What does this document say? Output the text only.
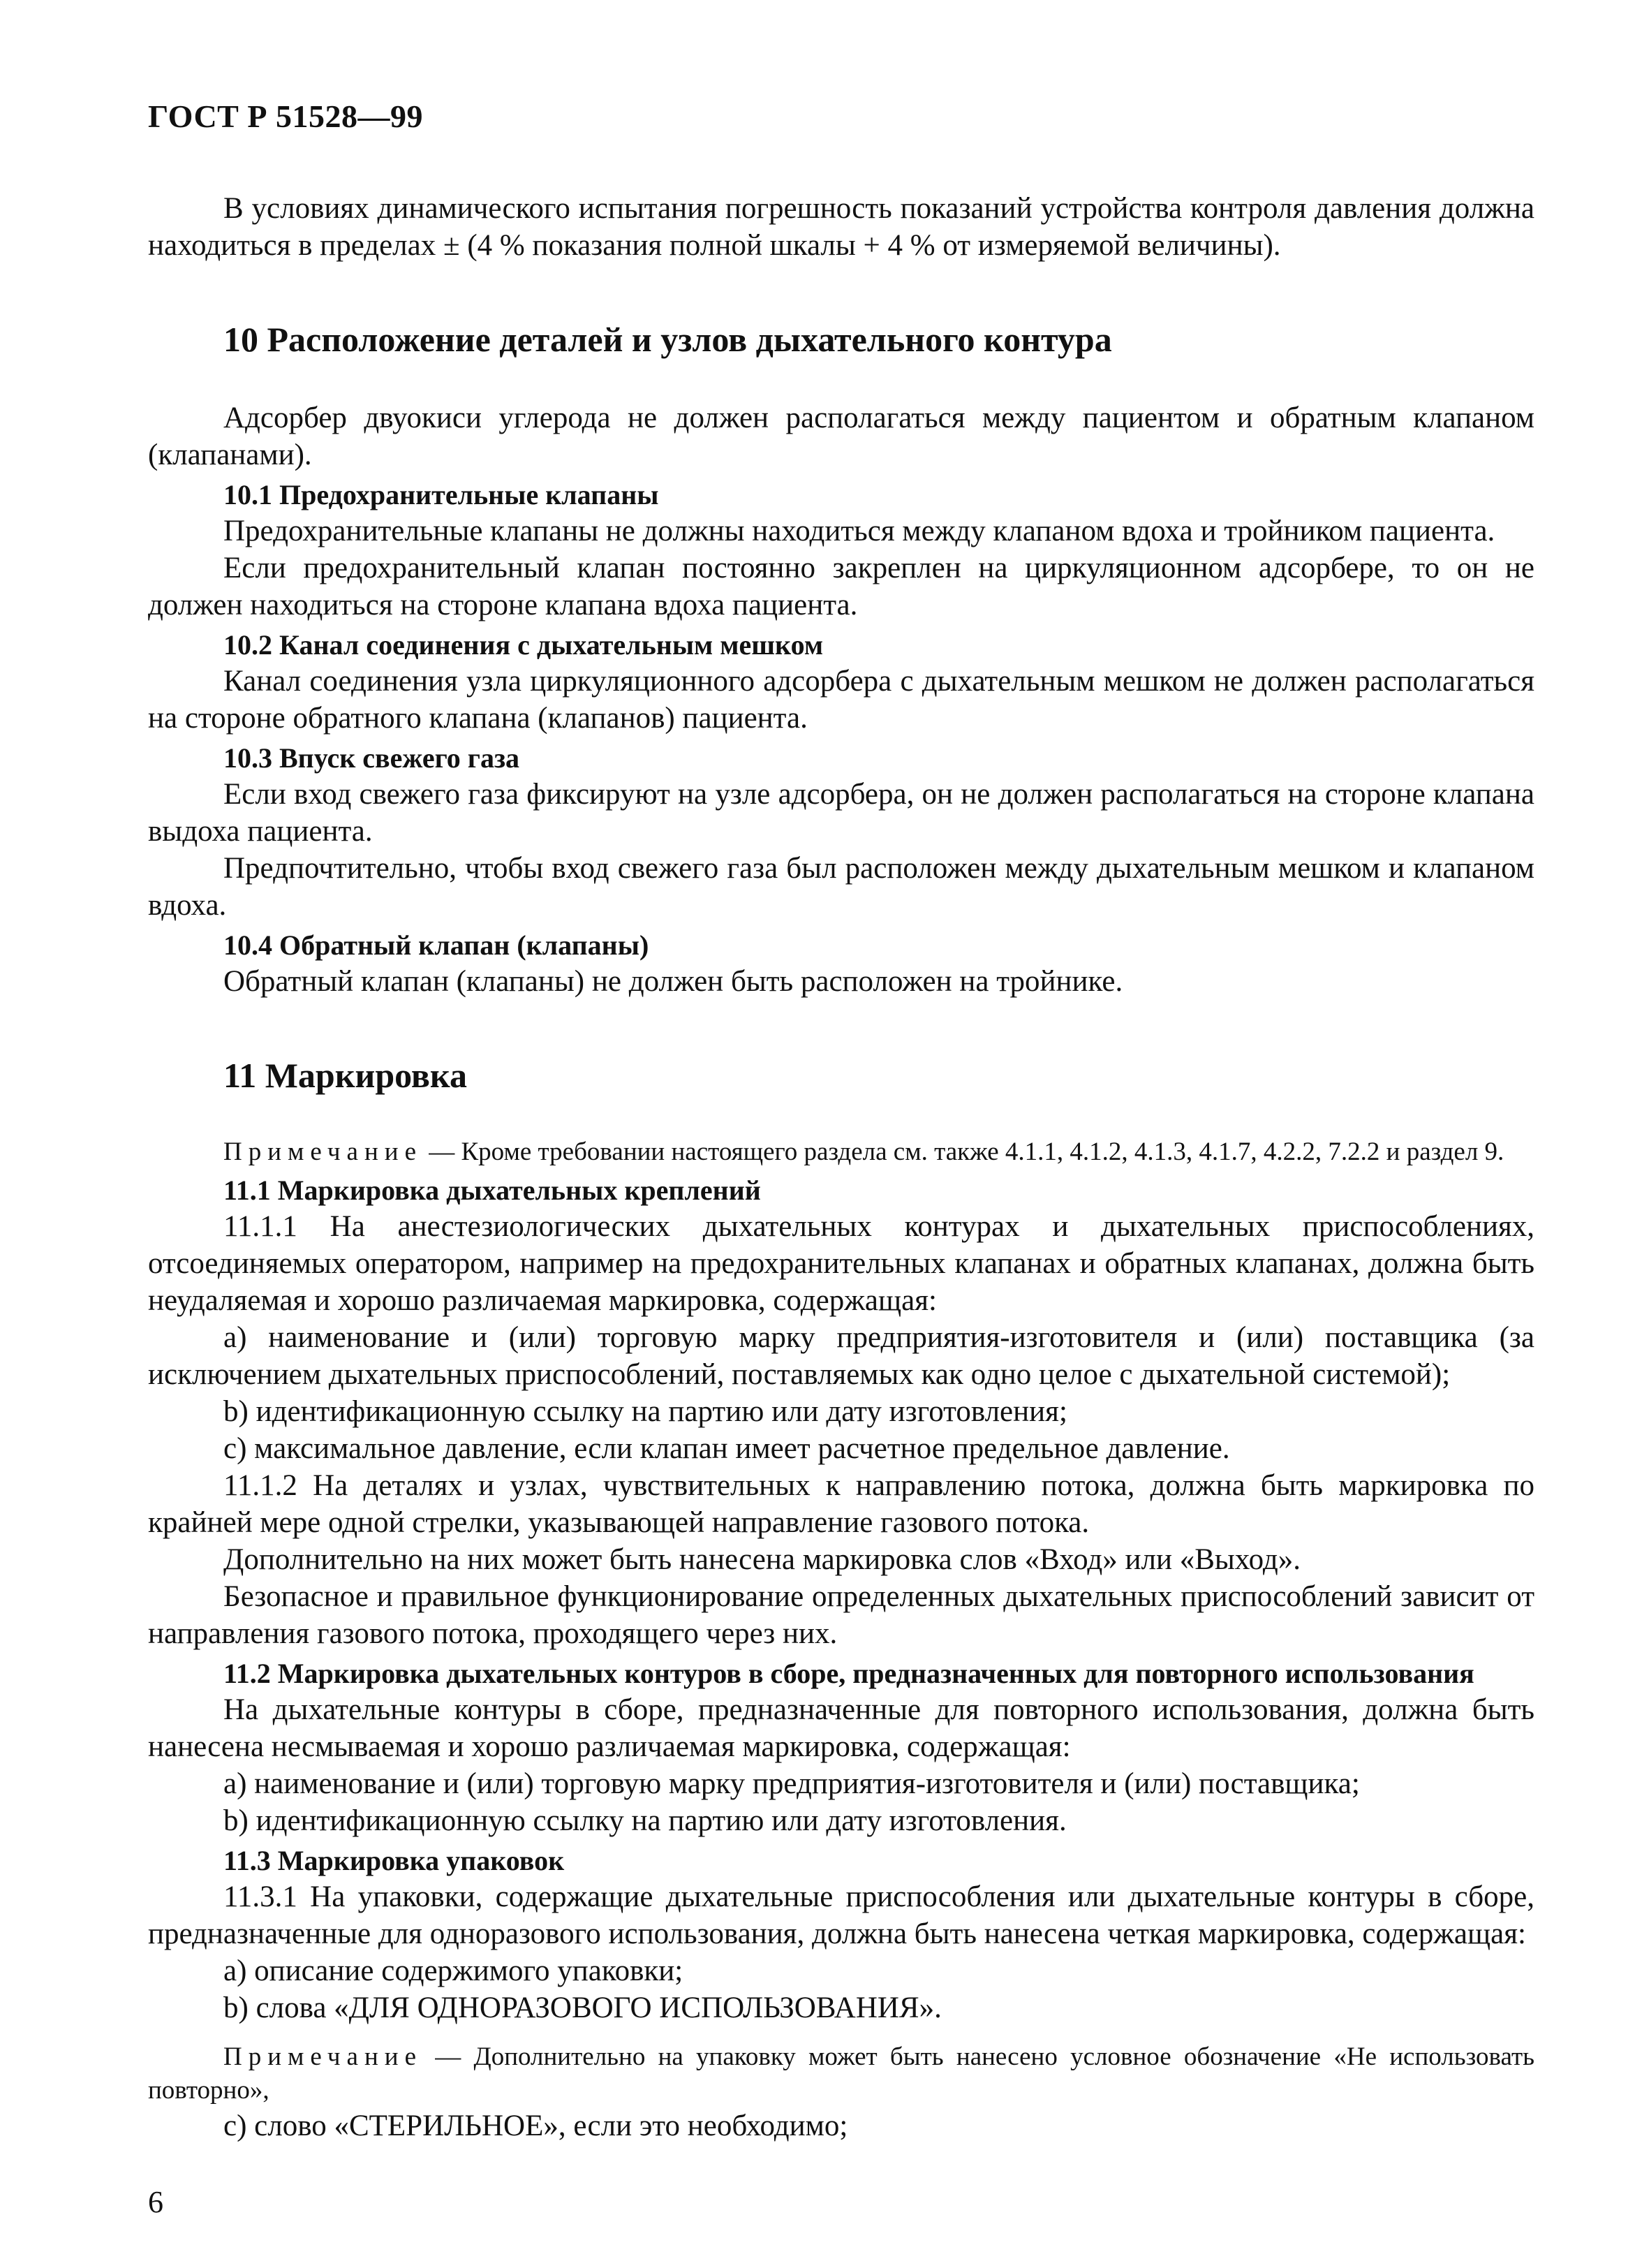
ГОСТ Р 51528—99

В условиях динамического испытания погрешность показаний устройства контроля давления должна находиться в пределах ± (4 % показания полной шкалы + 4 % от измеряемой величины).

10 Расположение деталей и узлов дыхательного контура

Адсорбер двуокиси углерода не должен располагаться между пациентом и обратным клапаном (клапанами).

10.1 Предохранительные клапаны

Предохранительные клапаны не должны находиться между клапаном вдоха и тройником пациента.

Если предохранительный клапан постоянно закреплен на циркуляционном адсорбере, то он не должен находиться на стороне клапана вдоха пациента.

10.2 Канал соединения с дыхательным мешком

Канал соединения узла циркуляционного адсорбера с дыхательным мешком не должен располагаться на стороне обратного клапана (клапанов) пациента.

10.3 Впуск свежего газа

Если вход свежего газа фиксируют на узле адсорбера, он не должен располагаться на стороне клапана выдоха пациента.

Предпочтительно, чтобы вход свежего газа был расположен между дыхательным мешком и клапаном вдоха.

10.4 Обратный клапан (клапаны)

Обратный клапан (клапаны) не должен быть расположен на тройнике.

11 Маркировка

Примечание — Кроме требовании настоящего раздела см. также 4.1.1, 4.1.2, 4.1.3, 4.1.7, 4.2.2, 7.2.2 и раздел 9.

11.1 Маркировка дыхательных креплений

11.1.1 На анестезиологических дыхательных контурах и дыхательных приспособлениях, отсоединяемых оператором, например на предохранительных клапанах и обратных клапанах, должна быть неудаляемая и хорошо различаемая маркировка, содержащая:

a) наименование и (или) торговую марку предприятия-изготовителя и (или) поставщика (за исключением дыхательных приспособлений, поставляемых как одно целое с дыхательной системой);

b) идентификационную ссылку на партию или дату изготовления;

c) максимальное давление, если клапан имеет расчетное предельное давление.

11.1.2 На деталях и узлах, чувствительных к направлению потока, должна быть маркировка по крайней мере одной стрелки, указывающей направление газового потока.

Дополнительно на них может быть нанесена маркировка слов «Вход» или «Выход».

Безопасное и правильное функционирование определенных дыхательных приспособлений зависит от направления газового потока, проходящего через них.

11.2 Маркировка дыхательных контуров в сборе, предназначенных для повторного использования

На дыхательные контуры в сборе, предназначенные для повторного использования, должна быть нанесена несмываемая и хорошо различаемая маркировка, содержащая:

a) наименование и (или) торговую марку предприятия-изготовителя и (или) поставщика;

b) идентификационную ссылку на партию или дату изготовления.

11.3 Маркировка упаковок

11.3.1 На упаковки, содержащие дыхательные приспособления или дыхательные контуры в сборе, предназначенные для одноразового использования, должна быть нанесена четкая маркировка, содержащая:

a) описание содержимого упаковки;

b) слова «ДЛЯ ОДНОРАЗОВОГО ИСПОЛЬЗОВАНИЯ».

Примечание — Дополнительно на упаковку может быть нанесено условное обозначение «Не использовать повторно»,

c) слово «СТЕРИЛЬНОЕ», если это необходимо;

6
